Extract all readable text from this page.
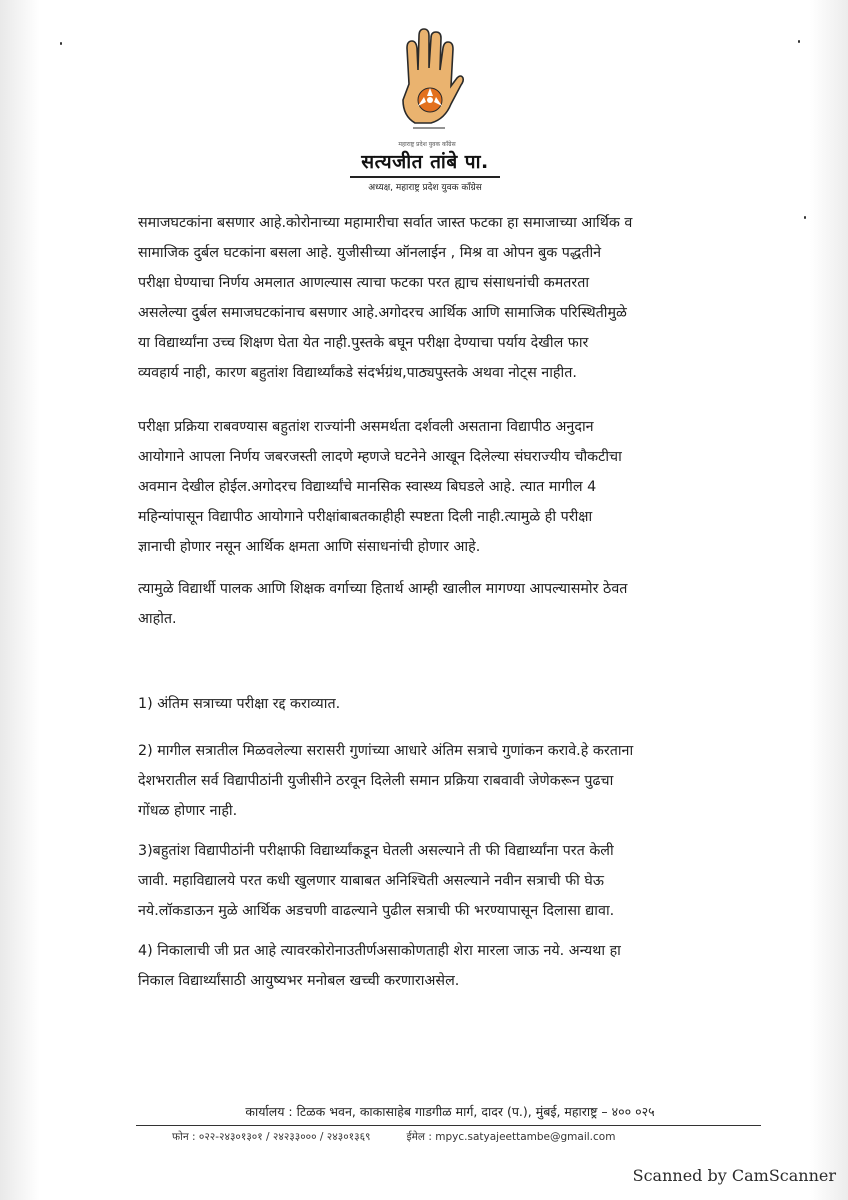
महाराष्ट्र प्रदेश युवक काँग्रेस
सत्यजीत तांबे पा.
अध्यक्ष, महाराष्ट्र प्रदेश युवक काँग्रेस

समाजघटकांना बसणार आहे.कोरोनाच्या महामारीचा सर्वात जास्त फटका हा समाजाच्या आर्थिक व
सामाजिक दुर्बल घटकांना बसला आहे. युजीसीच्या ऑनलाईन , मिश्र वा ओपन बुक पद्धतीने
परीक्षा घेण्याचा निर्णय अमलात आणल्यास त्याचा फटका परत ह्याच संसाधनांची कमतरता
असलेल्या दुर्बल समाजघटकांनाच बसणार आहे.अगोदरच आर्थिक आणि सामाजिक परिस्थितीमुळे
या विद्यार्थ्यांना उच्च शिक्षण घेता येत नाही.पुस्तके बघून परीक्षा देण्याचा पर्याय देखील फार
व्यवहार्य नाही, कारण बहुतांश विद्यार्थ्यांकडे संदर्भग्रंथ,पाठ्यपुस्तके अथवा नोट्स नाहीत.

परीक्षा प्रक्रिया राबवण्यास बहुतांश राज्यांनी असमर्थता दर्शवली असताना विद्यापीठ अनुदान
आयोगाने आपला निर्णय जबरजस्ती लादणे म्हणजे घटनेने आखून दिलेल्या संघराज्यीय चौकटीचा
अवमान देखील होईल.अगोदरच विद्यार्थ्यांचे मानसिक स्वास्थ्य बिघडले आहे. त्यात मागील 4
महिन्यांपासून विद्यापीठ आयोगाने परीक्षांबाबतकाहीही स्पष्टता दिली नाही.त्यामुळे ही परीक्षा
ज्ञानाची होणार नसून आर्थिक क्षमता आणि संसाधनांची होणार आहे.

त्यामुळे विद्यार्थी पालक आणि शिक्षक वर्गाच्या हितार्थ आम्ही खालील मागण्या आपल्यासमोर ठेवत
आहोत.

1) अंतिम सत्राच्या परीक्षा रद्द कराव्यात.

2) मागील सत्रातील मिळवलेल्या सरासरी गुणांच्या आधारे अंतिम सत्राचे गुणांकन करावे.हे करताना
देशभरातील सर्व विद्यापीठांनी युजीसीने ठरवून दिलेली समान प्रक्रिया राबवावी जेणेकरून पुढचा
गोंधळ होणार नाही.

3)बहुतांश विद्यापीठांनी परीक्षाफी विद्यार्थ्यांकडून घेतली असल्याने ती फी विद्यार्थ्यांना परत केली
जावी. महाविद्यालये परत कधी खुलणार याबाबत अनिश्चिती असल्याने नवीन सत्राची फी घेऊ
नये.लॉकडाऊन मुळे आर्थिक अडचणी वाढल्याने पुढील सत्राची फी भरण्यापासून दिलासा द्यावा.

4) निकालाची जी प्रत आहे त्यावरकोरोनाउतीर्णअसाकोणताही शेरा मारला जाऊ नये. अन्यथा हा
निकाल विद्यार्थ्यांसाठी आयुष्यभर मनोबल खच्ची करणाराअसेल.

कार्यालय : टिळक भवन, काकासाहेब गाडगीळ मार्ग, दादर (प.), मुंबई, महाराष्ट्र – ४०० ०२५
फोन : ०२२-२४३०१३०१ / २४२३३००० / २४३०१३६९	ईमेल : mpyc.satyajeettambe@gmail.com
Scanned by CamScanner
